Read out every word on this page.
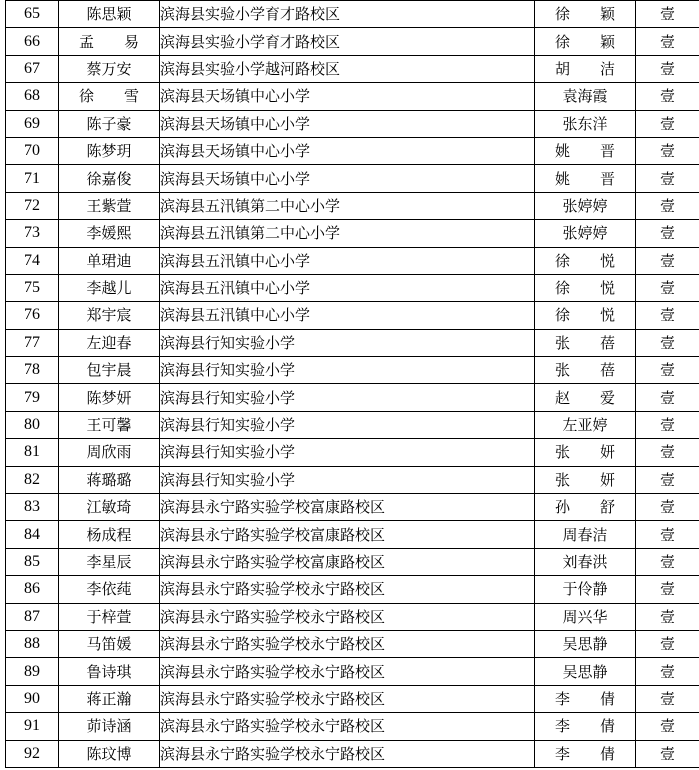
65	陈思颖	滨海县实验小学育才路校区	徐　　颖	壹
66	孟　　易	滨海县实验小学育才路校区	徐　　颖	壹
67	蔡万安	滨海县实验小学越河路校区	胡　　洁	壹
68	徐　　雪	滨海县天场镇中心小学	袁海霞	壹
69	陈子豪	滨海县天场镇中心小学	张东洋	壹
70	陈梦玥	滨海县天场镇中心小学	姚　　晋	壹
71	徐嘉俊	滨海县天场镇中心小学	姚　　晋	壹
72	王紫萱	滨海县五汛镇第二中心小学	张婷婷	壹
73	李媛熙	滨海县五汛镇第二中心小学	张婷婷	壹
74	单珺迪	滨海县五汛镇中心小学	徐　　悦	壹
75	李越儿	滨海县五汛镇中心小学	徐　　悦	壹
76	郑宇宸	滨海县五汛镇中心小学	徐　　悦	壹
77	左迎春	滨海县行知实验小学	张　　蓓	壹
78	包宇晨	滨海县行知实验小学	张　　蓓	壹
79	陈梦妍	滨海县行知实验小学	赵　　爱	壹
80	王可馨	滨海县行知实验小学	左亚婷	壹
81	周欣雨	滨海县行知实验小学	张　　妍	壹
82	蒋璐璐	滨海县行知实验小学	张　　妍	壹
83	江敏琦	滨海县永宁路实验学校富康路校区	孙　　舒	壹
84	杨成程	滨海县永宁路实验学校富康路校区	周春洁	壹
85	李星辰	滨海县永宁路实验学校富康路校区	刘春洪	壹
86	李依莼	滨海县永宁路实验学校永宁路校区	于伶静	壹
87	于梓萱	滨海县永宁路实验学校永宁路校区	周兴华	壹
88	马笛媛	滨海县永宁路实验学校永宁路校区	吴思静	壹
89	鲁诗琪	滨海县永宁路实验学校永宁路校区	吴思静	壹
90	蒋正瀚	滨海县永宁路实验学校永宁路校区	李　　倩	壹
91	茆诗涵	滨海县永宁路实验学校永宁路校区	李　　倩	壹
92	陈玟博	滨海县永宁路实验学校永宁路校区	李　　倩	壹
